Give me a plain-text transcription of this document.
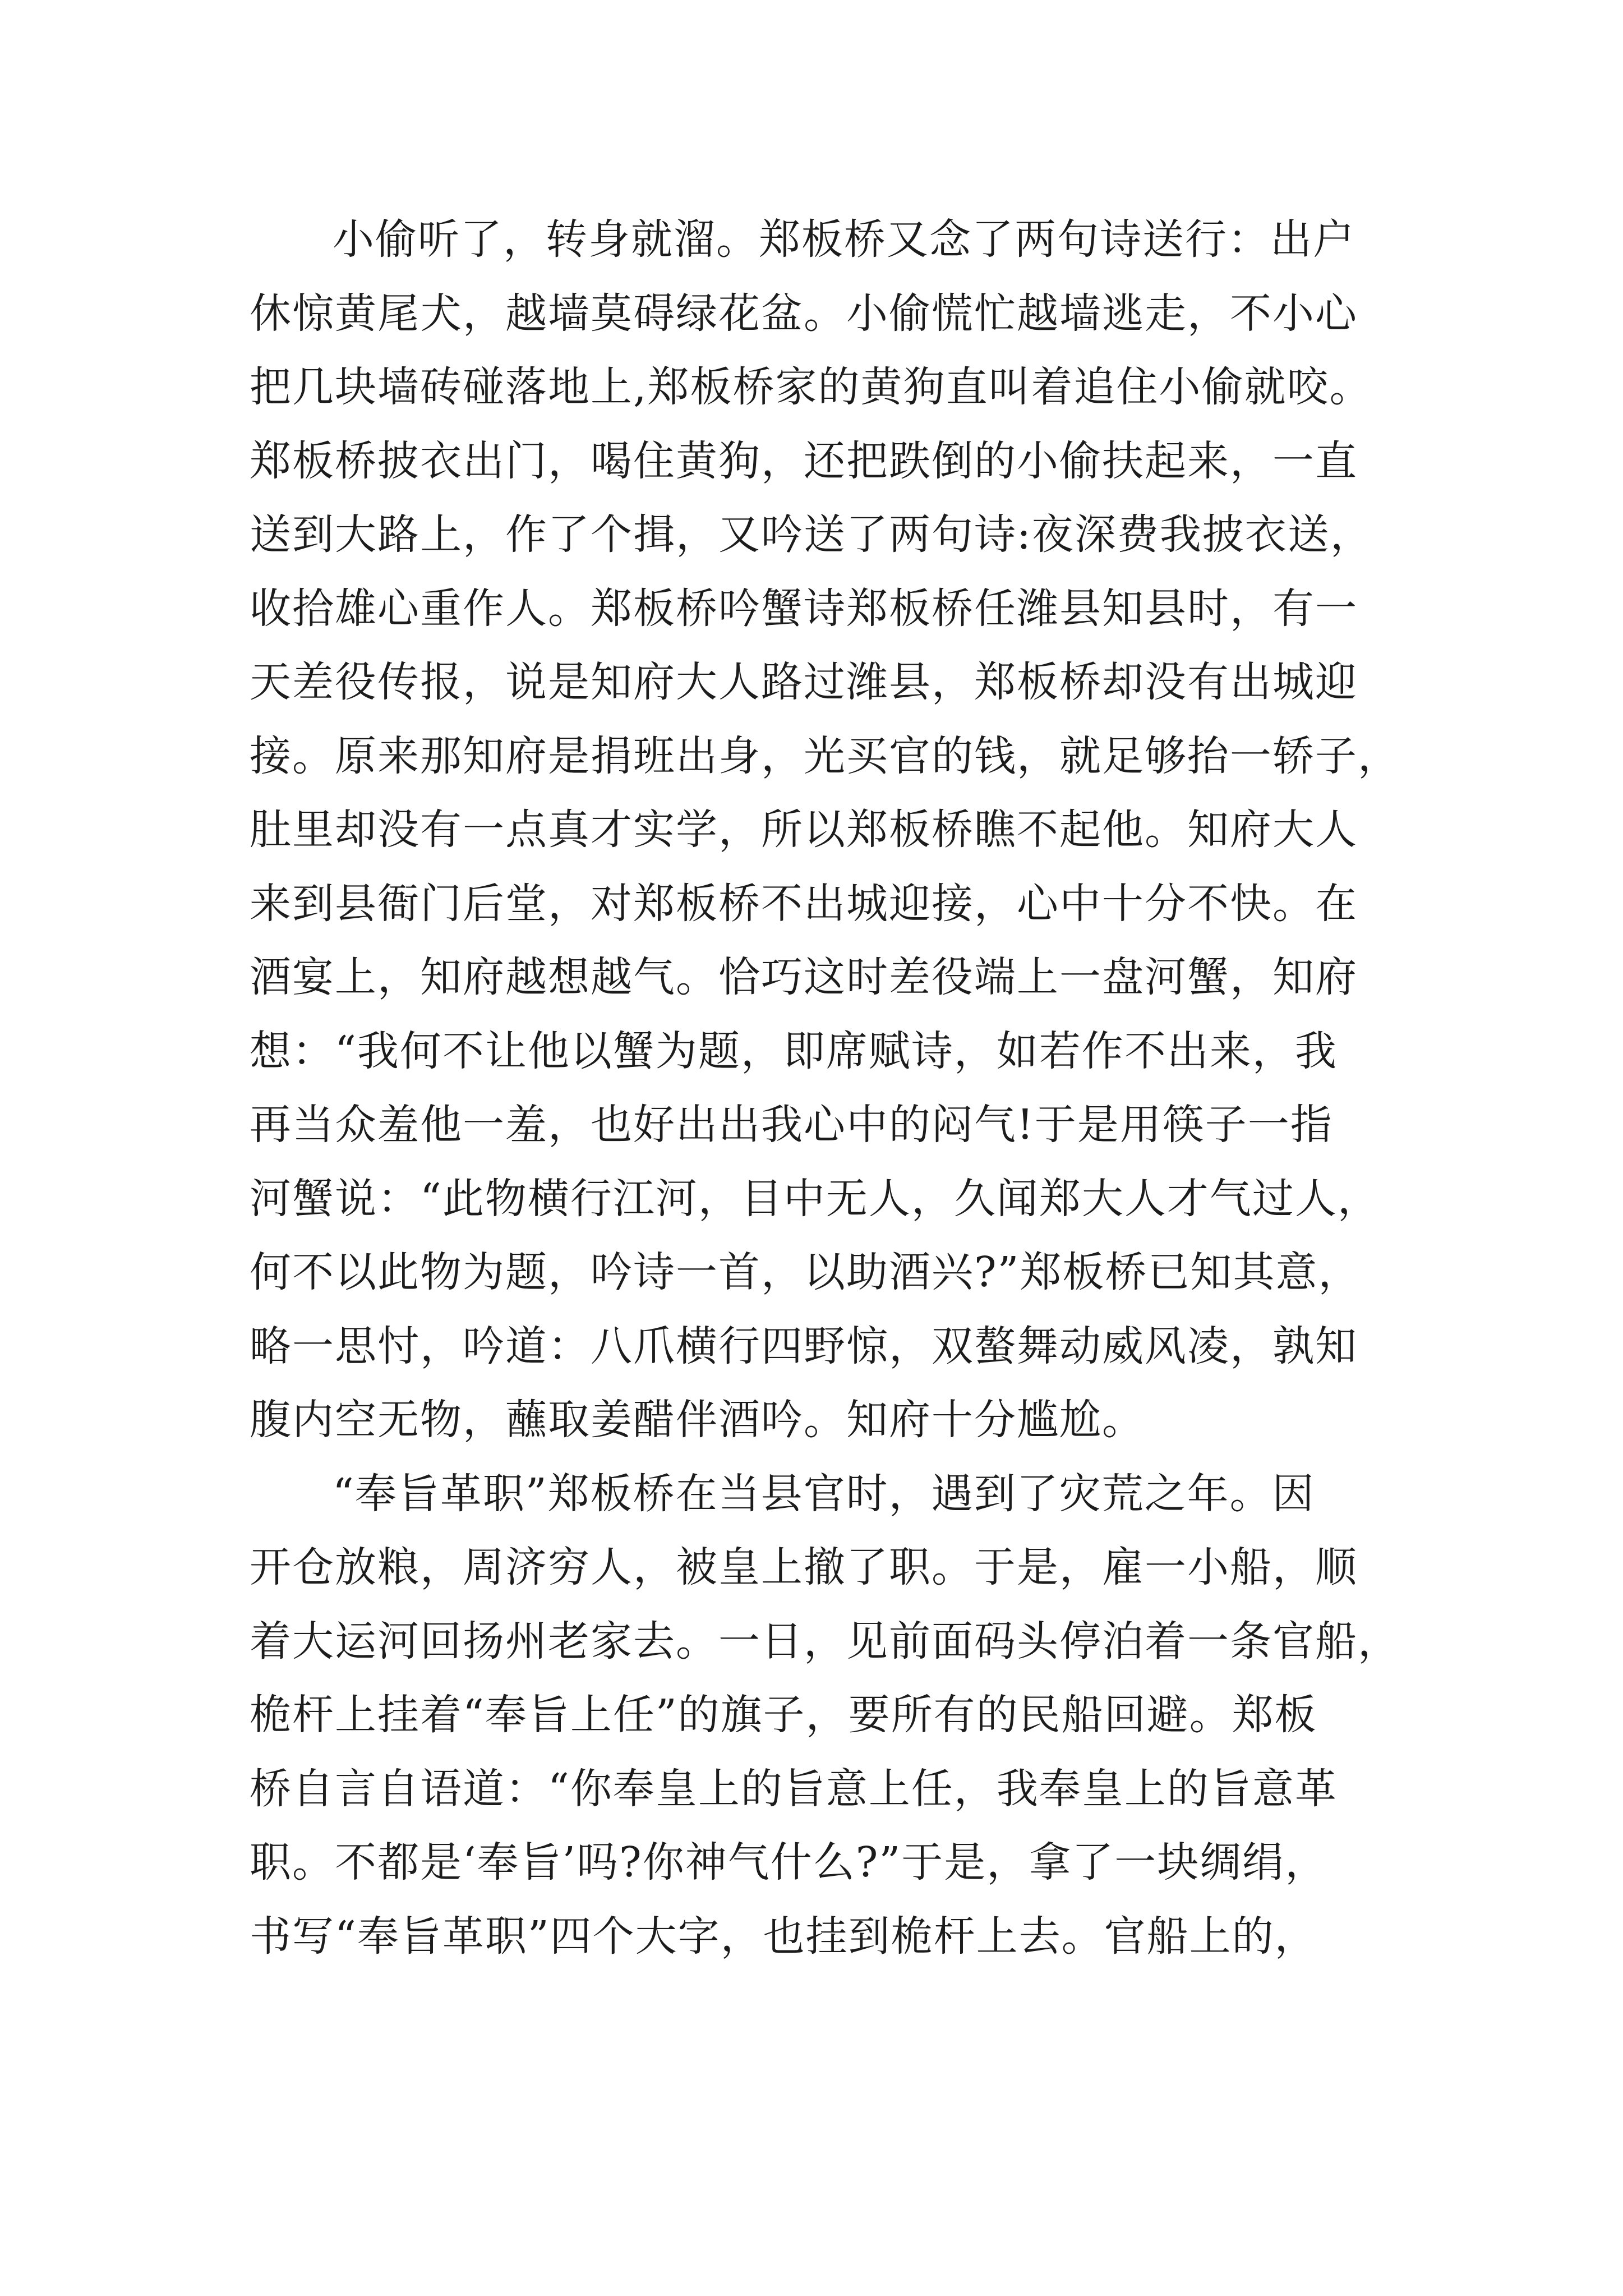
小偷听了，转身就溜。郑板桥又念了两句诗送行：出户
休惊黄尾犬，越墙莫碍绿花盆。小偷慌忙越墙逃走，不小心
把几块墙砖碰落地上,郑板桥家的黄狗直叫着追住小偷就咬。
郑板桥披衣出门，喝住黄狗，还把跌倒的小偷扶起来，一直
送到大路上，作了个揖，又吟送了两句诗:夜深费我披衣送，
收拾雄心重作人。郑板桥吟蟹诗郑板桥任潍县知县时，有一
天差役传报，说是知府大人路过潍县，郑板桥却没有出城迎
接。原来那知府是捐班出身，光买官的钱，就足够抬一轿子，
肚里却没有一点真才实学，所以郑板桥瞧不起他。知府大人
来到县衙门后堂，对郑板桥不出城迎接，心中十分不快。在
酒宴上，知府越想越气。恰巧这时差役端上一盘河蟹，知府
想：“我何不让他以蟹为题，即席赋诗，如若作不出来，我
再当众羞他一羞，也好出出我心中的闷气!于是用筷子一指
河蟹说：“此物横行江河，目中无人，久闻郑大人才气过人，
何不以此物为题，吟诗一首，以助酒兴?”郑板桥已知其意，
略一思忖，吟道：八爪横行四野惊，双螯舞动威风凌，孰知
腹内空无物，蘸取姜醋伴酒吟。知府十分尴尬。
“奉旨革职”郑板桥在当县官时，遇到了灾荒之年。因
开仓放粮，周济穷人，被皇上撤了职。于是，雇一小船，顺
着大运河回扬州老家去。一日，见前面码头停泊着一条官船，
桅杆上挂着“奉旨上任”的旗子，要所有的民船回避。郑板
桥自言自语道：“你奉皇上的旨意上任，我奉皇上的旨意革
职。不都是‘奉旨’吗?你神气什么?”于是，拿了一块绸绢，
书写“奉旨革职”四个大字，也挂到桅杆上去。官船上的，
